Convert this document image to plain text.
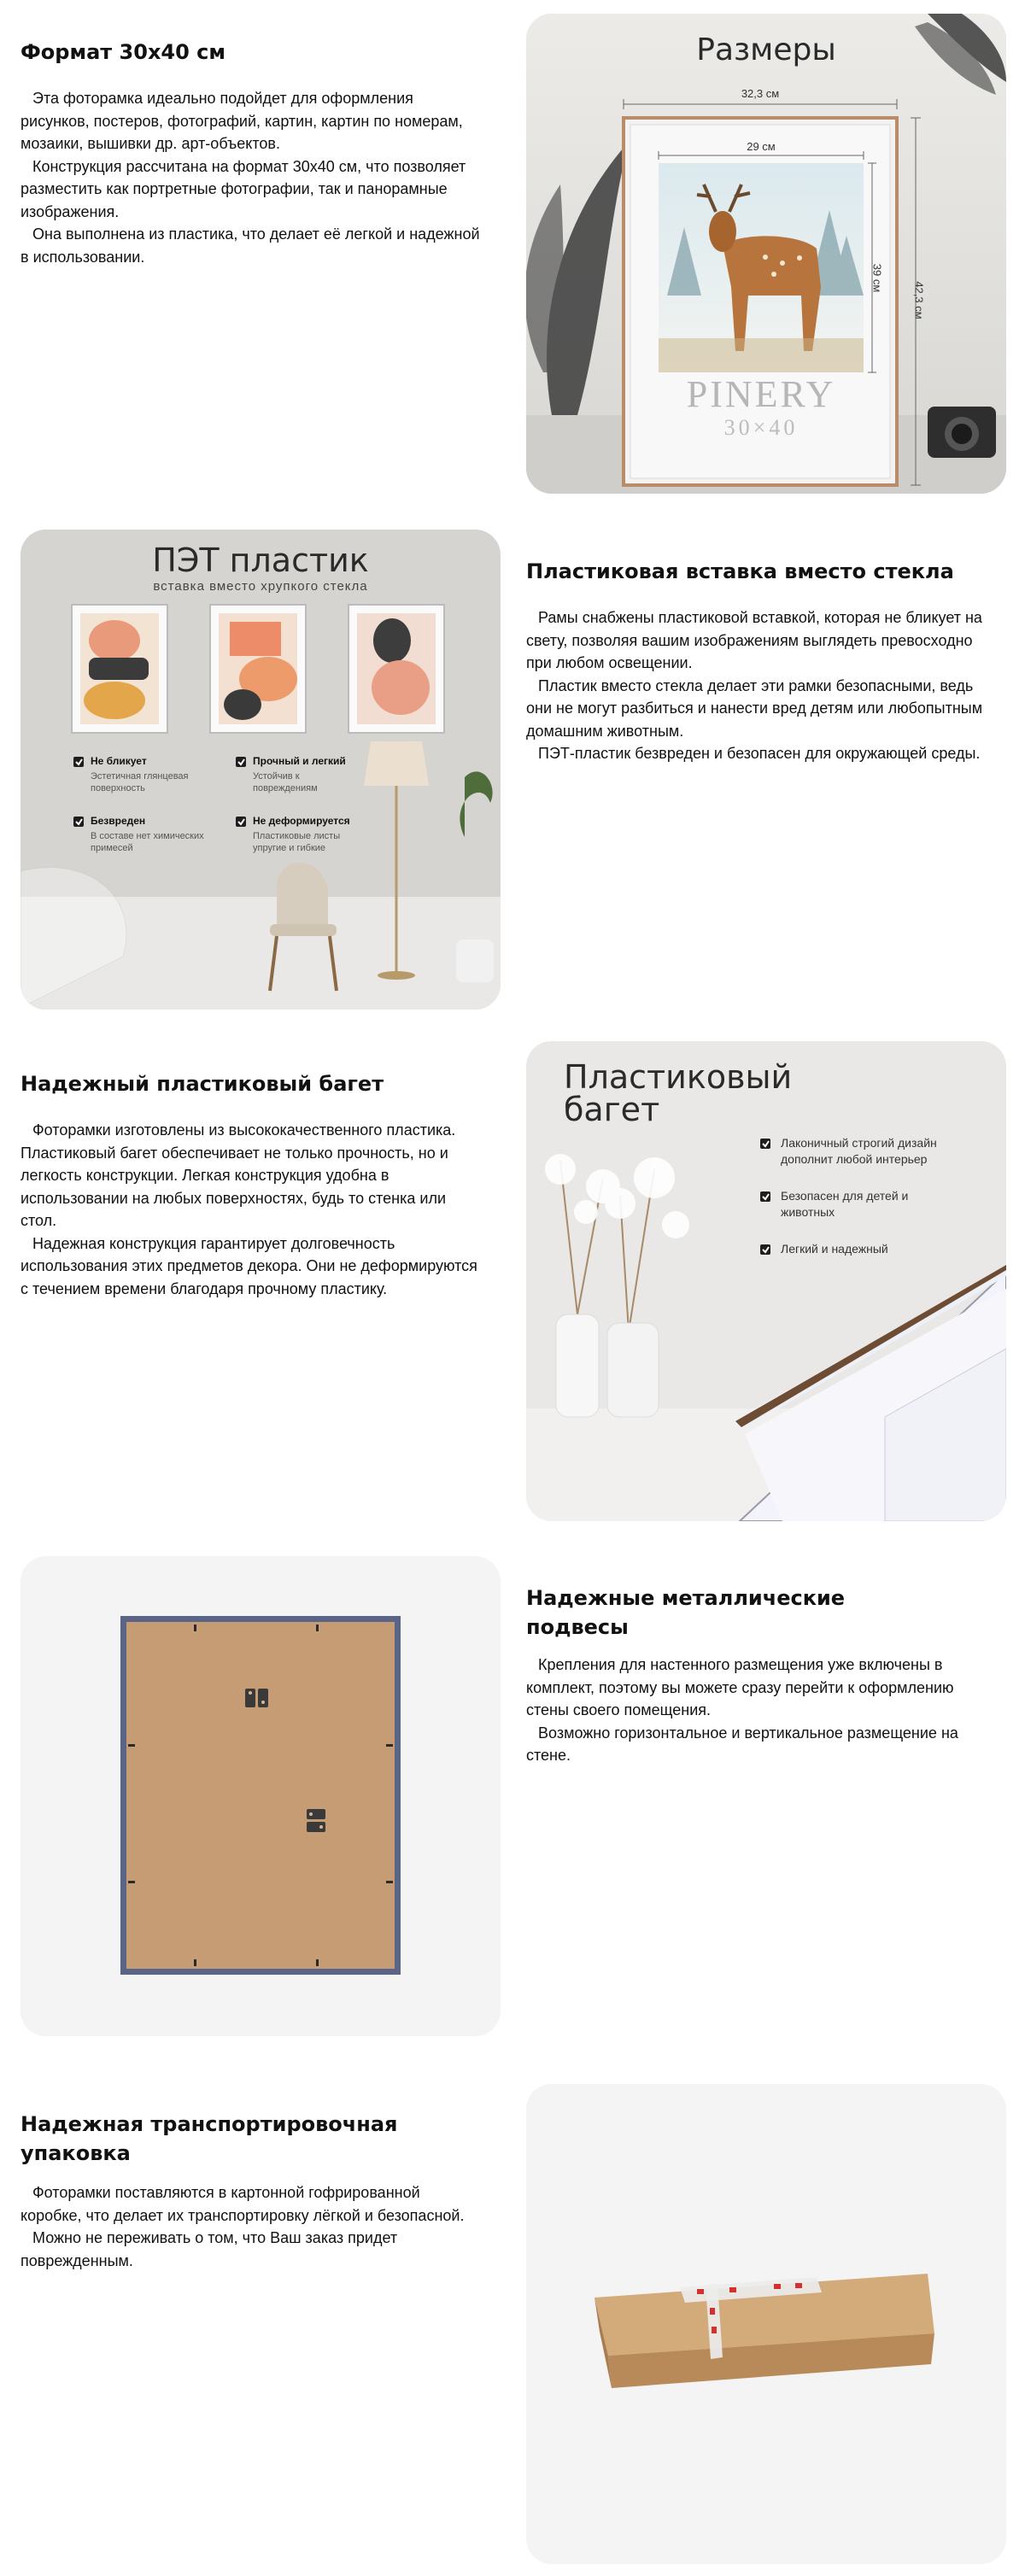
Формат 30х40 см

Эта фоторамка идеально подойдет для оформления рисунков, постеров, фотографий, картин, картин по номерам, мозаики, вышивки др. арт-объектов.

Конструкция рассчитана на формат 30х40 см, что позволяет разместить как портретные фотографии, так и панорамные изображения.

Она выполнена из пластика, что делает её легкой и надежной в использовании.

Размеры
32,3 см
29 см
39 см
42,3 см
PINERY
30×40
ПЭТ пластик
вставка вместо хрупкого стекла
Не бликует
Эстетичная глянцевая поверхность
Прочный и легкий
Устойчив к повреждениям
Безвреден
В составе нет химических примесей
Не деформируется
Пластиковые листы упругие и гибкие
Пластиковая вставка вместо стекла

Рамы снабжены пластиковой вставкой, которая не бликует на свету, позволяя вашим изображениям выглядеть превосходно при любом освещении.

Пластик вместо стекла делает эти рамки безопасными, ведь они не могут разбиться и нанести вред детям или любопытным домашним животным.

ПЭТ-пластик безвреден и безопасен для окружающей среды.

Надежный пластиковый багет

Фоторамки изготовлены из высококачественного пластика. Пластиковый багет обеспечивает не только прочность, но и легкость конструкции. Легкая конструкция удобна в использовании на любых поверхностях, будь то стенка или стол.

Надежная конструкция гарантирует долговечность использования этих предметов декора. Они не деформируются с течением времени благодаря прочному пластику.

Пластиковый
багет
Лаконичный строгий дизайн дополнит любой интерьер
Безопасен для детей и животных
Легкий и надежный
Надежные металлические подвесы

Крепления для настенного размещения уже включены в комплект, поэтому вы можете сразу перейти к оформлению стены своего помещения.

Возможно горизонтальное и вертикальное размещение на стене.

Надежная транспортировочная упаковка

Фоторамки поставляются в картонной гофрированной коробке, что делает их транспортировку лёгкой и безопасной.

Можно не переживать о том, что Ваш заказ придет поврежденным.
